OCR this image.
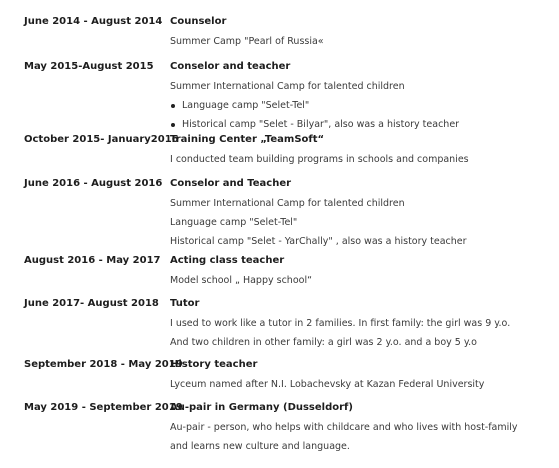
June 2014 - August 2014 Counselor
Summer Camp "Pearl of Russia«
May 2015-August 2015 Conselor and teacher
Summer International Camp for talented children
Language camp "Selet-Tel"
Historical camp "Selet - Bilyar", also was a history teacher
October 2015- January2016
Training Center „TeamSoft“
I conducted team building programs in schools and companies
June 2016 - August 2016 Conselor and Teacher
Summer International Camp for talented children
Language camp "Selet-Tel"
Historical camp "Selet - YarChally" , also was a history teacher
August 2016 - May 2017 Acting class teacher
Model school „ Happy school“
June 2017- August 2018 Tutor
I used to work like a tutor in 2 families. In first family: the girl was 9 y.o.
And two children in other family: a girl was 2 y.o. and a boy 5 y.o
September 2018 - May 2019
History teacher
Lyceum named after N.I. Lobachevsky at Kazan Federal University
May 2019 - September 2019
Au-pair in Germany (Dusseldorf)
Au-pair - person, who helps with childcare and who lives with host-family
and learns new culture and language.
